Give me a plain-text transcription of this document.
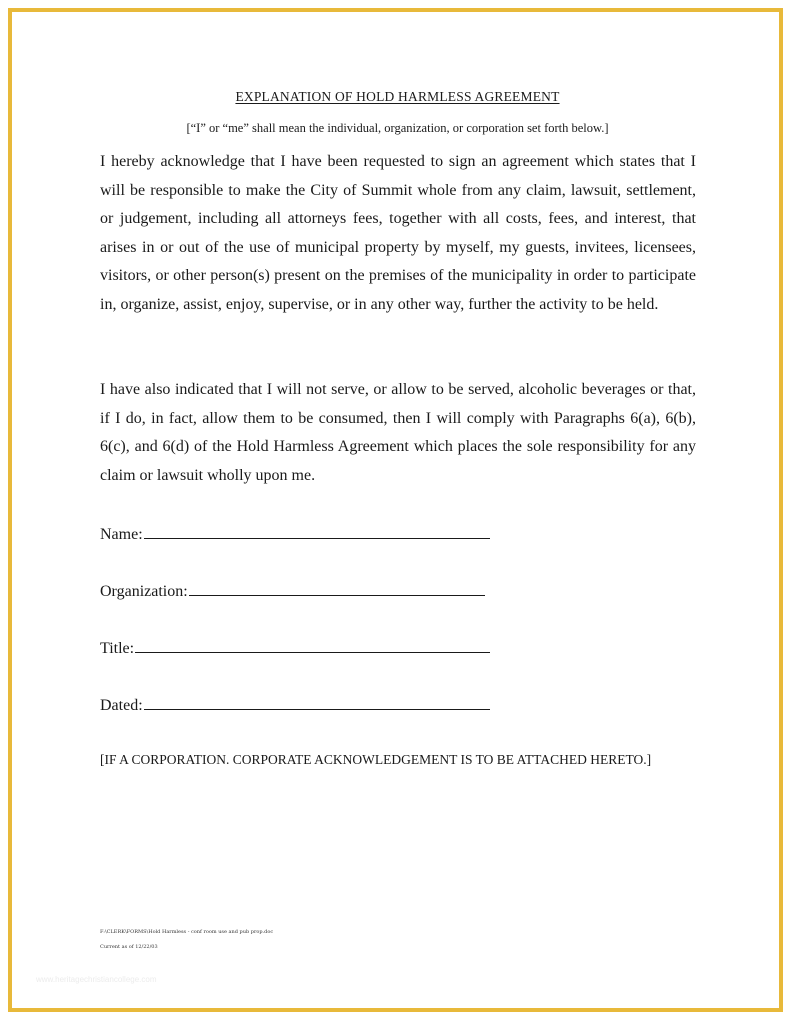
EXPLANATION OF HOLD HARMLESS AGREEMENT

[“I” or “me” shall mean the individual, organization, or corporation set forth below.]

I hereby acknowledge that I have been requested to sign an agreement which states that I will be responsible to make the City of Summit whole from any claim, lawsuit, settlement, or judgement, including all attorneys fees, together with all costs, fees, and interest, that arises in or out of the use of municipal property by myself, my guests, invitees, licensees, visitors, or other person(s) present on the premises of the municipality in order to participate in, organize, assist, enjoy, supervise, or in any other way, further the activity to be held.

I have also indicated that I will not serve, or allow to be served, alcoholic beverages or that, if I do, in fact, allow them to be consumed, then I will comply with Paragraphs 6(a), 6(b), 6(c), and 6(d) of the Hold Harmless Agreement which places the sole responsibility for any claim or lawsuit wholly upon me.

Name:
Organization:
Title:
Dated:

[IF A CORPORATION. CORPORATE ACKNOWLEDGEMENT IS TO BE ATTACHED HERETO.]

F:\CLERK\FORMS\Hold Harmless - conf room use and pub prop.doc

Current as of 12/22/03

www.heritagechristiancollege.com
